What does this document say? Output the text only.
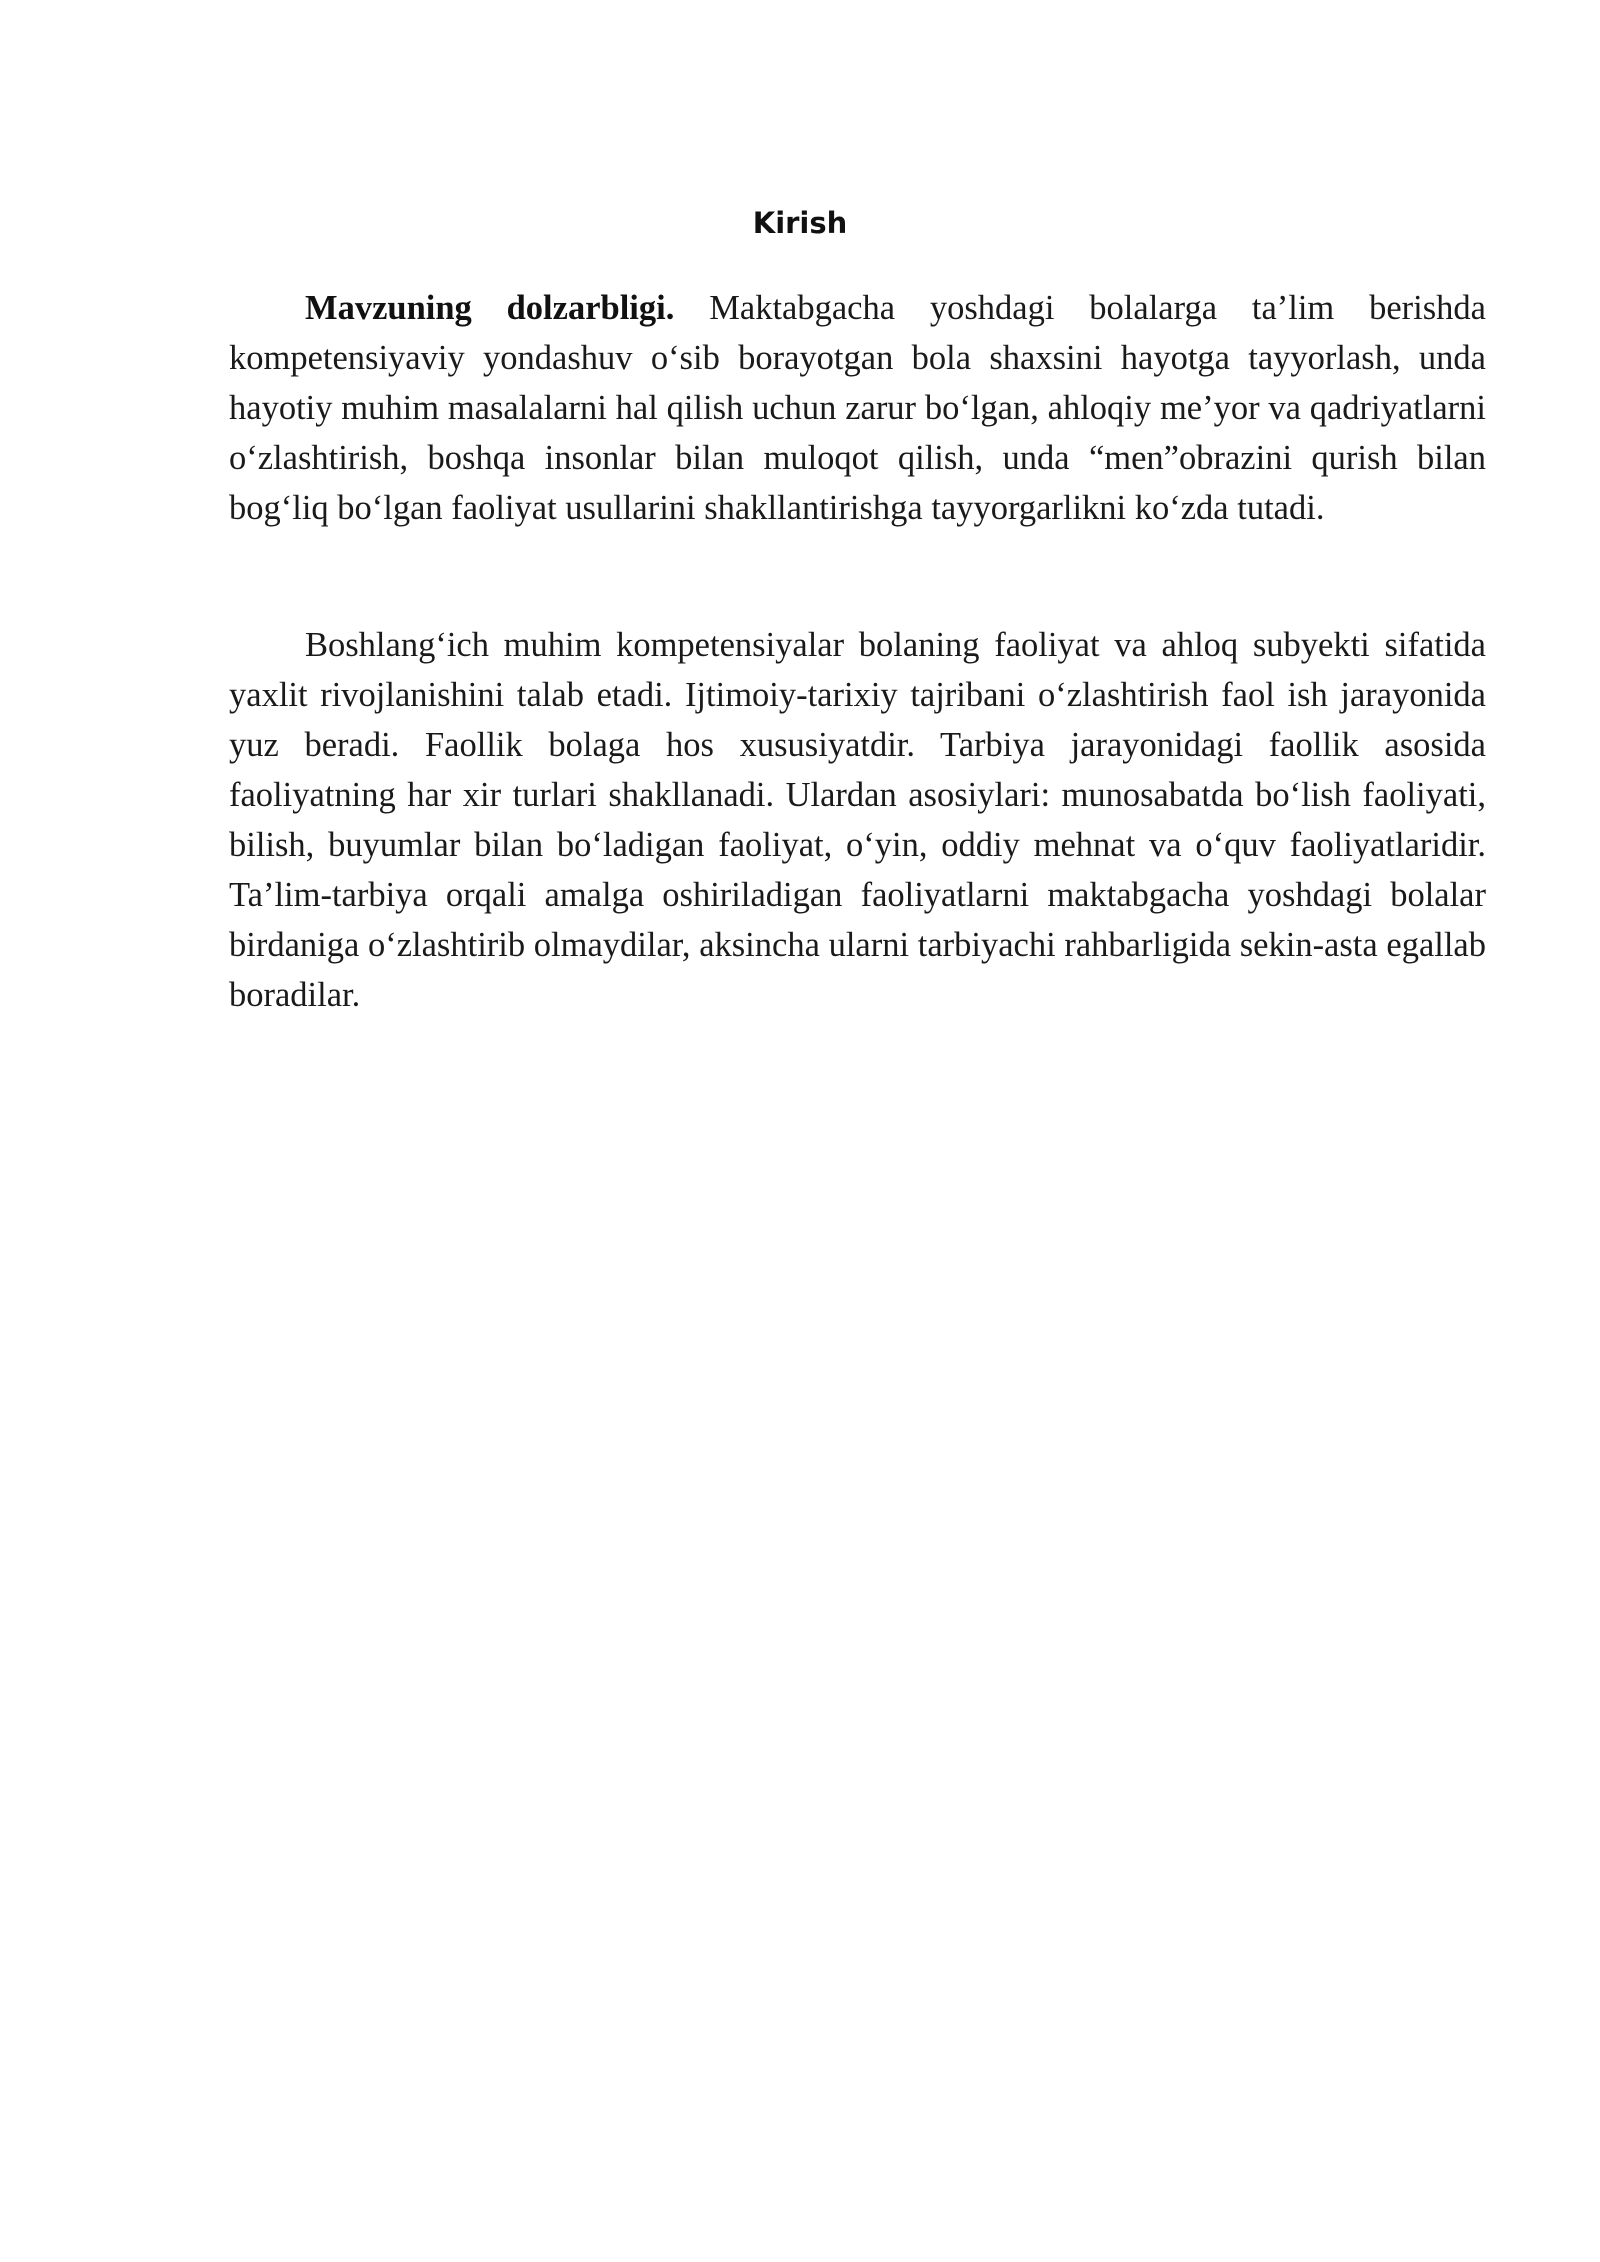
Kirish

Mavzuning dolzarbligi. Maktabgacha yoshdagi bolalarga ta’lim berishda kompetensiyaviy yondashuv o‘sib borayotgan bola shaxsini hayotga tayyorlash, unda hayotiy muhim masalalarni hal qilish uchun zarur bo‘lgan, ahloqiy me’yor va qadriyatlarni o‘zlashtirish, boshqa insonlar bilan muloqot qilish, unda “men”obrazini qurish bilan bog‘liq bo‘lgan faoliyat usullarini shakllantirishga tayyorgarlikni ko‘zda tutadi.

Boshlang‘ich muhim kompetensiyalar bolaning faoliyat va ahloq subyekti sifatida yaxlit rivojlanishini talab etadi. Ijtimoiy-tarixiy tajribani o‘zlashtirish faol ish jarayonida yuz beradi. Faollik bolaga hos xususiyatdir. Tarbiya jarayonidagi faollik asosida faoliyatning har xir turlari shakllanadi. Ulardan asosiylari: munosabatda bo‘lish faoliyati, bilish, buyumlar bilan bo‘ladigan faoliyat, o‘yin, oddiy mehnat va o‘quv faoliyatlaridir. Ta’lim-tarbiya orqali amalga oshiriladigan faoliyatlarni maktabgacha yoshdagi bolalar birdaniga o‘zlashtirib olmaydilar, aksincha ularni tarbiyachi rahbarligida sekin-asta egallab boradilar.
